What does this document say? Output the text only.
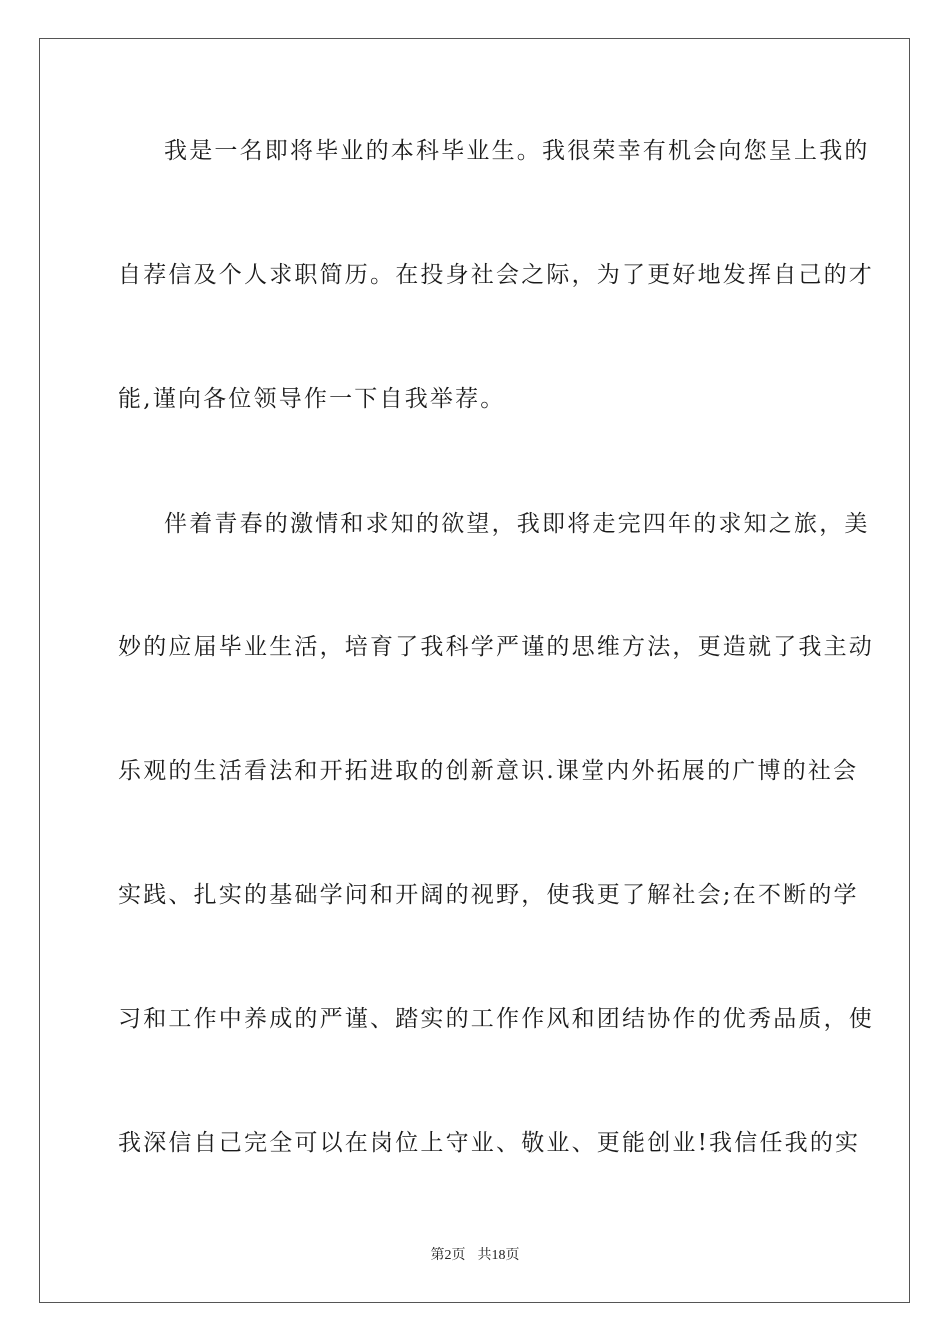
我是一名即将毕业的本科毕业生。我很荣幸有机会向您呈上我的
自荐信及个人求职简历。在投身社会之际，为了更好地发挥自己的才
能,谨向各位领导作一下自我举荐。
伴着青春的激情和求知的欲望，我即将走完四年的求知之旅，美
妙的应届毕业生活，培育了我科学严谨的思维方法，更造就了我主动
乐观的生活看法和开拓进取的创新意识.课堂内外拓展的广博的社会
实践、扎实的基础学问和开阔的视野，使我更了解社会;在不断的学
习和工作中养成的严谨、踏实的工作作风和团结协作的优秀品质，使
我深信自己完全可以在岗位上守业、敬业、更能创业!我信任我的实
第2页 共18页
